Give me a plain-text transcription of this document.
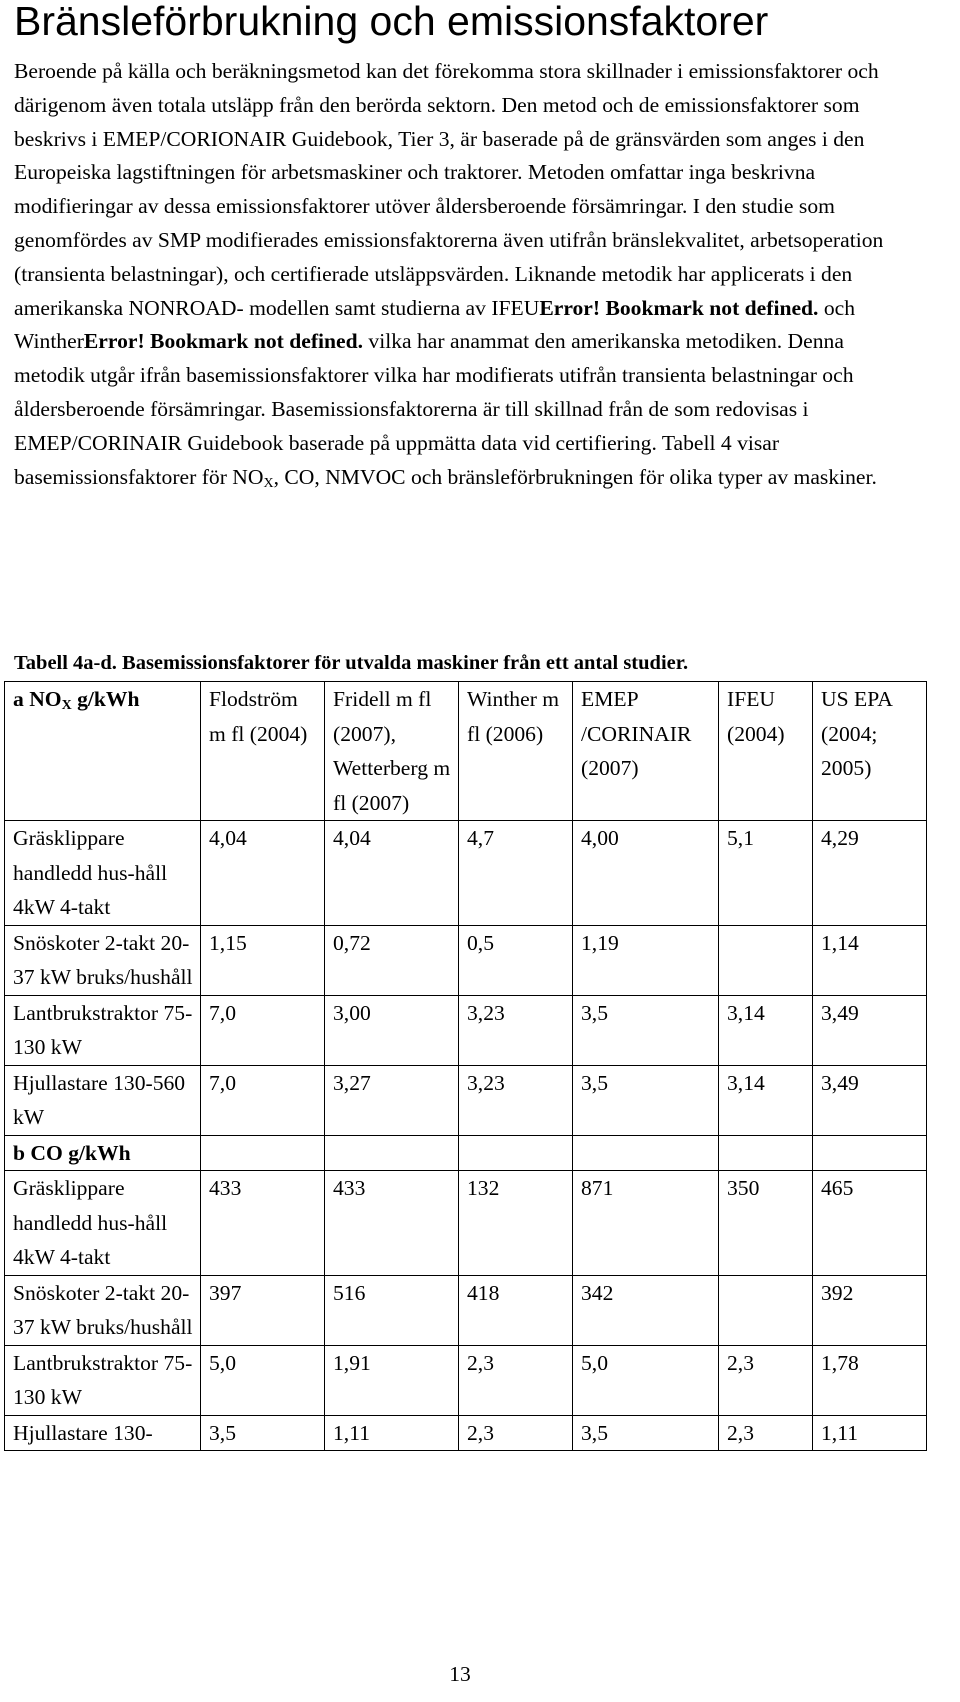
Bränsleförbrukning och emissionsfaktorer

Beroende på källa och beräkningsmetod kan det förekomma stora skillnader i emissionsfaktorer och därigenom även totala utsläpp från den berörda sektorn. Den metod och de emissionsfaktorer som beskrivs i EMEP/CORIONAIR Guidebook, Tier 3, är baserade på de gränsvärden som anges i den Europeiska lagstiftningen för arbetsmaskiner och traktorer. Metoden omfattar inga beskrivna modifieringar av dessa emissionsfaktorer utöver åldersberoende försämringar. I den studie som genomfördes av SMP modifierades emissionsfaktorerna även utifrån bränslekvalitet, arbetsoperation (transienta belastningar), och certifierade utsläppsvärden. Liknande metodik har applicerats i den amerikanska NONROAD- modellen samt studierna av IFEUError! Bookmark not defined. och WintherError! Bookmark not defined. vilka har anammat den amerikanska metodiken. Denna metodik utgår ifrån basemissionsfaktorer vilka har modifierats utifrån transienta belastningar och åldersberoende försämringar. Basemissionsfaktorerna är till skillnad från de som redovisas i EMEP/CORINAIR Guidebook baserade på uppmätta data vid certifiering. Tabell 4 visar basemissionsfaktorer för $NO_X$, CO, NMVOC och bränsleförbrukningen för olika typer av maskiner.

Tabell 4a-d. Basemissionsfaktorer för utvalda maskiner från ett antal studier.
a $NO_X$ g/kWh	Flodström m fl (2004)	Fridell m fl (2007), Wetterberg m fl (2007)	Winther m fl (2006)	EMEP /CORINAIR (2007)	IFEU (2004)	US EPA (2004; 2005)
Gräsklippare handledd hus-håll 4kW 4-takt	4,04	4,04	4,7	4,00	5,1	4,29
Snöskoter 2-takt 20-37 kW bruks/hushåll	1,15	0,72	0,5	1,19		1,14
Lantbrukstraktor 75-130 kW	7,0	3,00	3,23	3,5	3,14	3,49
Hjullastare 130-560 kW	7,0	3,27	3,23	3,5	3,14	3,49
b CO g/kWh						
Gräsklippare handledd hus-håll 4kW 4-takt	433	433	132	871	350	465
Snöskoter 2-takt 20-37 kW bruks/hushåll	397	516	418	342		392
Lantbrukstraktor 75-130 kW	5,0	1,91	2,3	5,0	2,3	1,78
Hjullastare 130-	3,5	1,11	2,3	3,5	2,3	1,11
13
